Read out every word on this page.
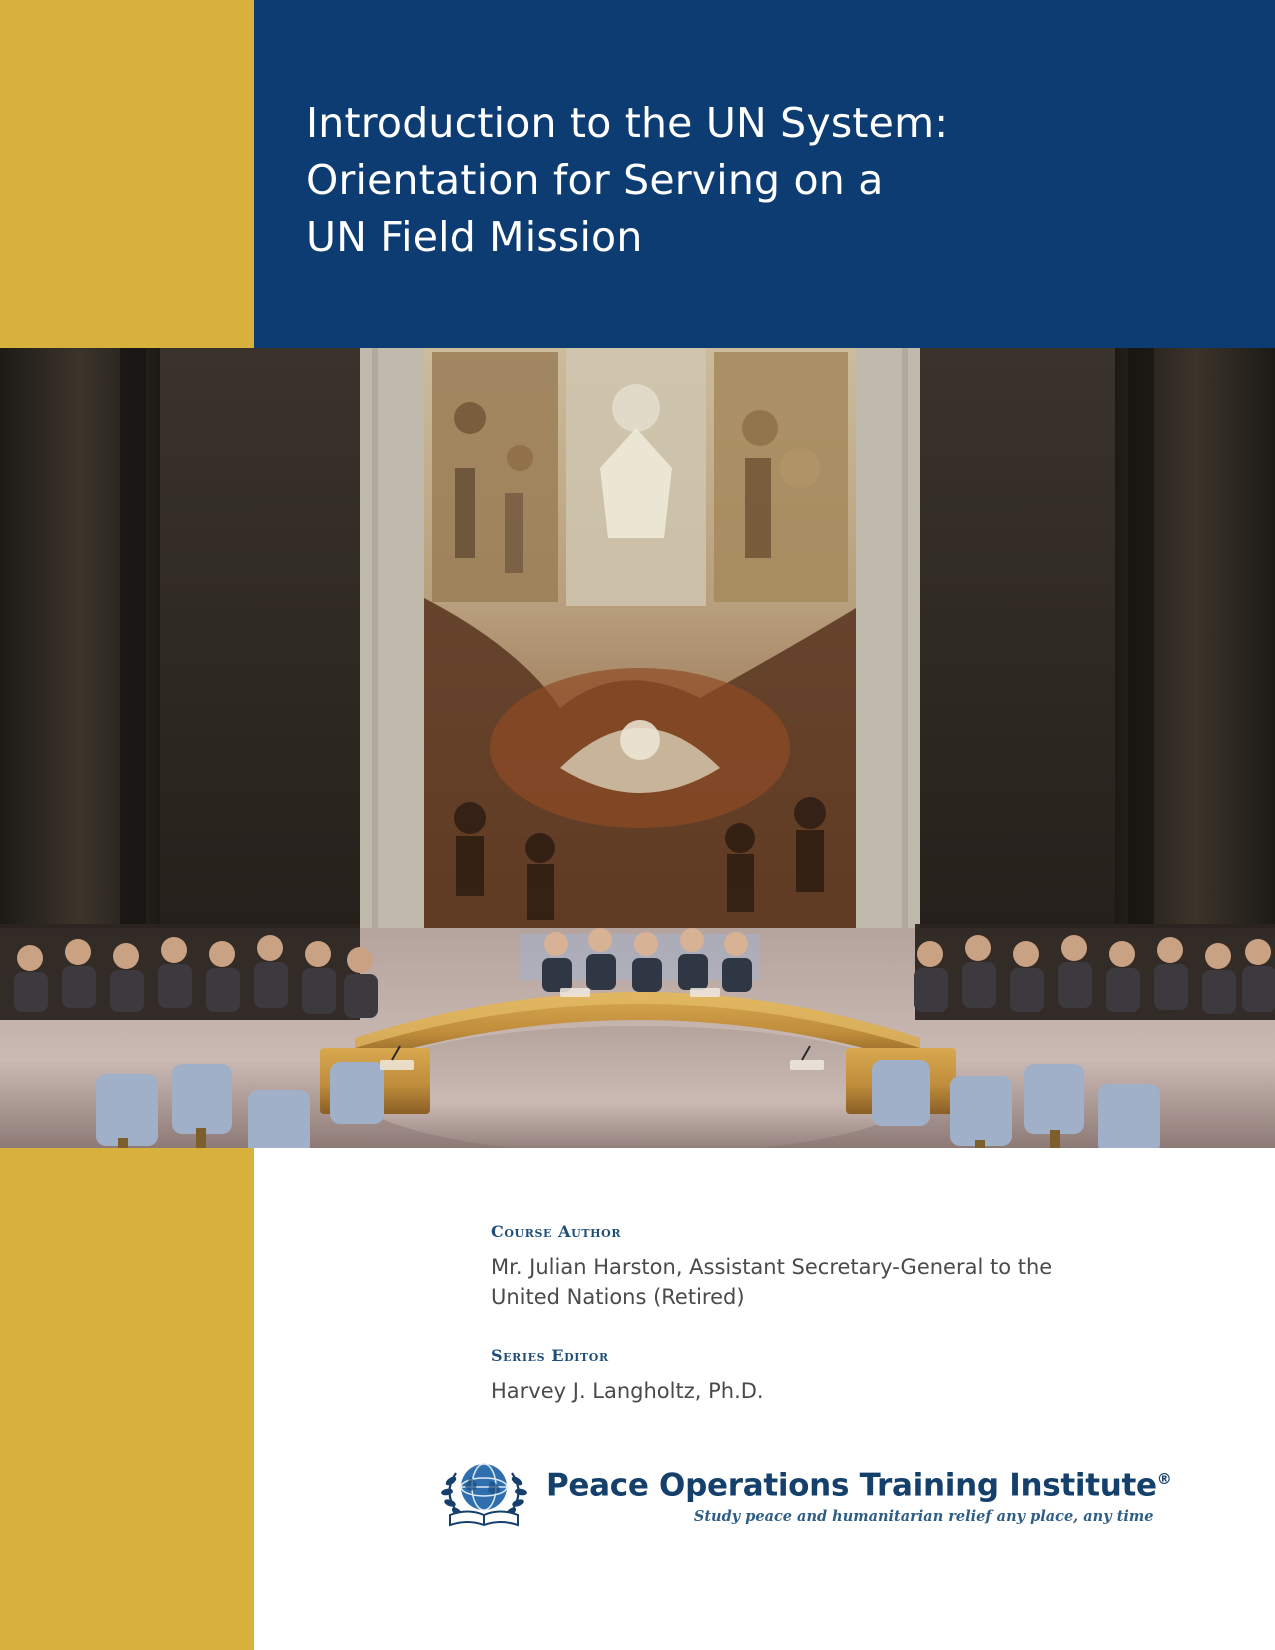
Introduction to the UN System:
Orientation for Serving on a
UN Field Mission

Course Author

Mr. Julian Harston, Assistant Secretary-General to the United Nations (Retired)

Series Editor

Harvey J. Langholtz, Ph.D.

Peace Operations Training Institute®
Study peace and humanitarian relief any place, any time
